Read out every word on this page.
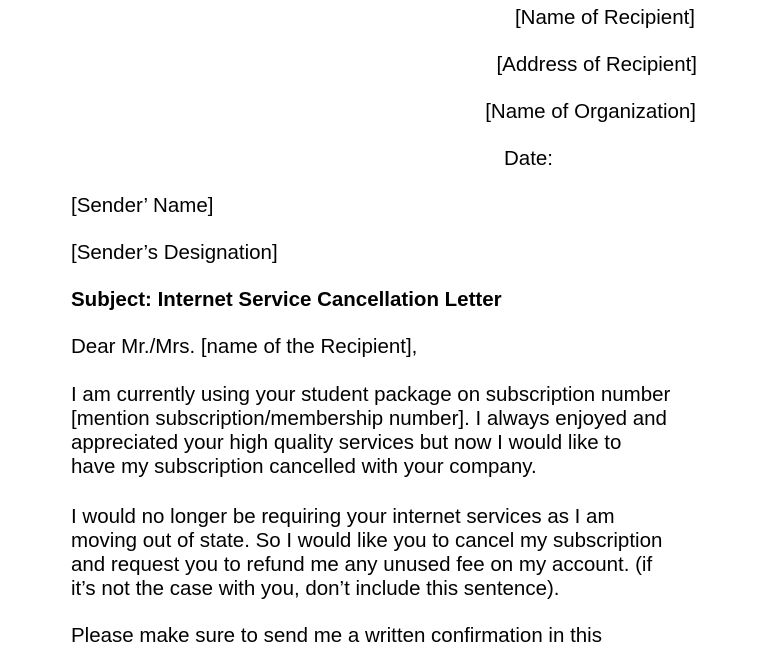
[Name of Recipient]

[Address of Recipient]

[Name of Organization]

Date:

[Sender’ Name]

[Sender’s Designation]

Subject: Internet Service Cancellation Letter

Dear Mr./Mrs. [name of the Recipient],

I am currently using your student package on subscription number
[mention subscription/membership number]. I always enjoyed and
appreciated your high quality services but now I would like to
have my subscription cancelled with your company.
I would no longer be requiring your internet services as I am
moving out of state. So I would like you to cancel my subscription
and request you to refund me any unused fee on my account. (if
it’s not the case with you, don’t include this sentence).
Please make sure to send me a written confirmation in this
